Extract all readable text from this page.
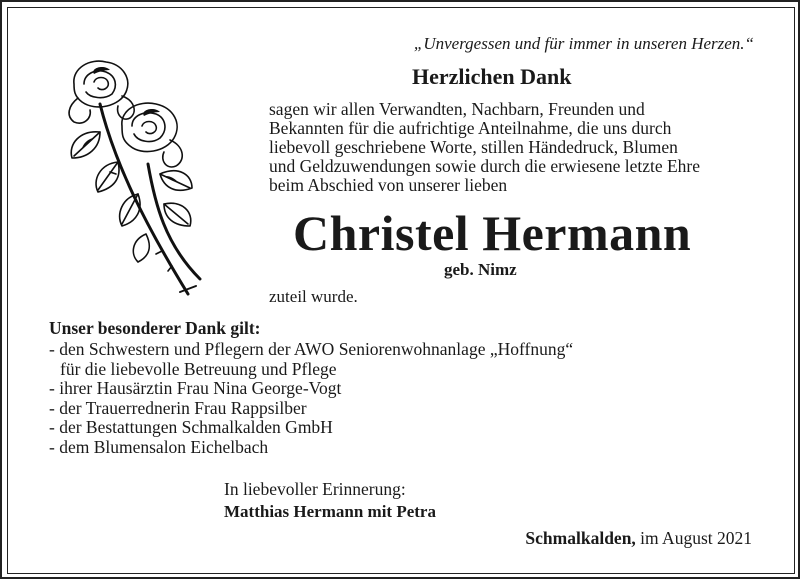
„Unvergessen und für immer in unseren Herzen.“
Herzlichen Dank
sagen wir allen Verwandten, Nachbarn, Freunden und
Bekannten für die aufrichtige Anteilnahme, die uns durch
liebevoll geschriebene Worte, stillen Händedruck, Blumen
und Geldzuwendungen sowie durch die erwiesene letzte Ehre
beim Abschied von unserer lieben
Christel Hermann
geb. Nimz
zuteil wurde.
Unser besonderer Dank gilt:
- den Schwestern und Pflegern der AWO Seniorenwohnanlage „Hoffnung“
für die liebevolle Betreuung und Pflege
- ihrer Hausärztin Frau Nina George-Vogt
- der Trauerrednerin Frau Rappsilber
- der Bestattungen Schmalkalden GmbH
- dem Blumensalon Eichelbach
In liebevoller Erinnerung:
Matthias Hermann mit Petra
Schmalkalden, im August 2021
